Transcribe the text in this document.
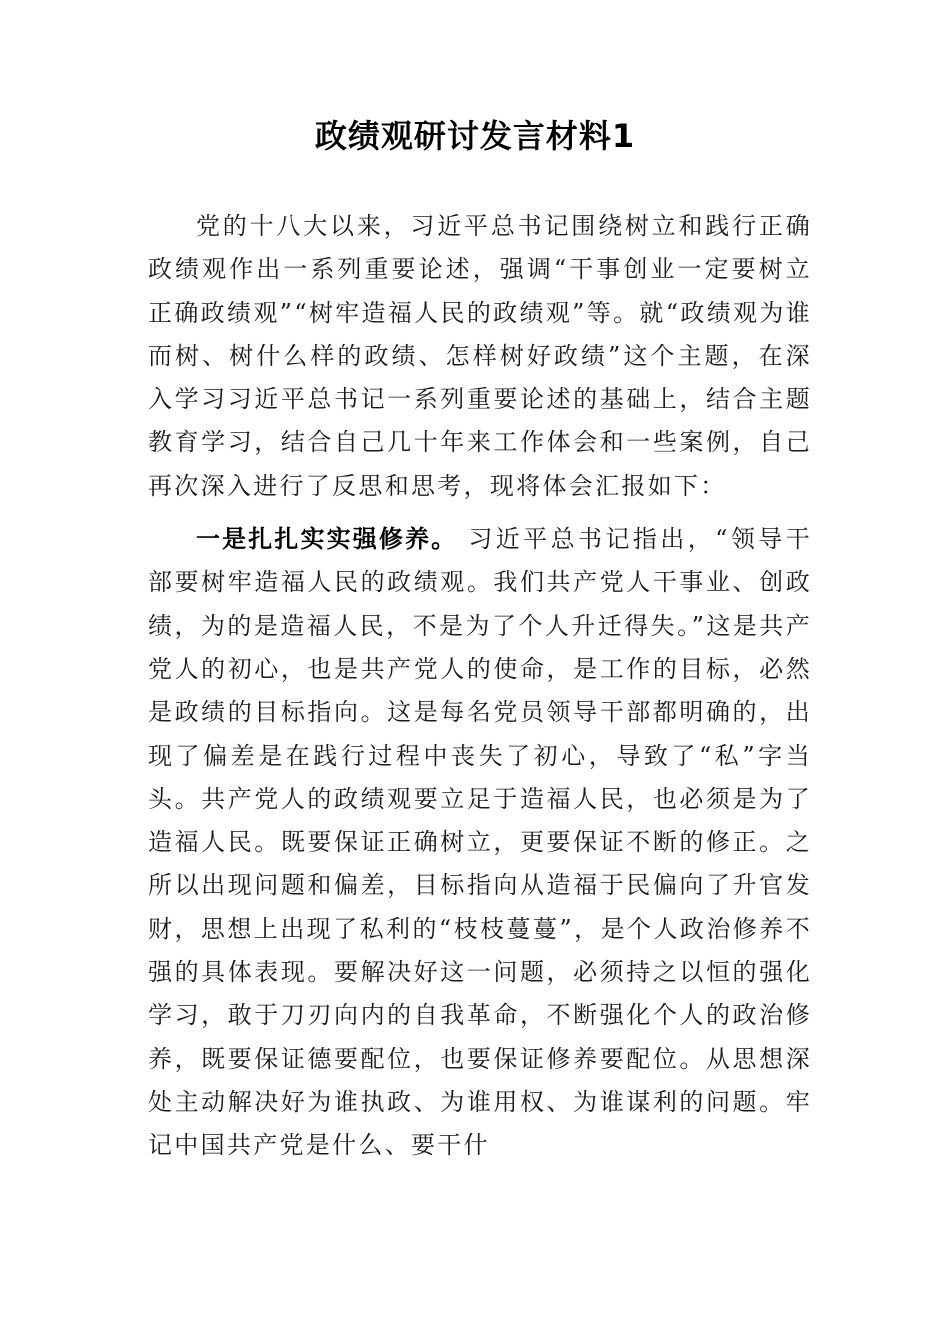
政绩观研讨发言材料1

党的十八大以来，习近平总书记围绕树立和践行正确政绩观作出一系列重要论述，强调“干事创业一定要树立正确政绩观”“树牢造福人民的政绩观”等。就“政绩观为谁而树、树什么样的政绩、怎样树好政绩”这个主题，在深入学习习近平总书记一系列重要论述的基础上，结合主题教育学习，结合自己几十年来工作体会和一些案例，自己再次深入进行了反思和思考，现将体会汇报如下：

一是扎扎实实强修养。 习近平总书记指出，“领导干部要树牢造福人民的政绩观。我们共产党人干事业、创政绩，为的是造福人民，不是为了个人升迁得失。”这是共产党人的初心，也是共产党人的使命，是工作的目标，必然是政绩的目标指向。这是每名党员领导干部都明确的，出现了偏差是在践行过程中丧失了初心，导致了“私”字当头。共产党人的政绩观要立足于造福人民，也必须是为了造福人民。既要保证正确树立，更要保证不断的修正。之所以出现问题和偏差，目标指向从造福于民偏向了升官发财，思想上出现了私利的“枝枝蔓蔓”，是个人政治修养不强的具体表现。要解决好这一问题，必须持之以恒的强化学习，敢于刀刃向内的自我革命，不断强化个人的政治修养，既要保证德要配位，也要保证修养要配位。从思想深处主动解决好为谁执政、为谁用权、为谁谋利的问题。牢记中国共产党是什么、要干什
